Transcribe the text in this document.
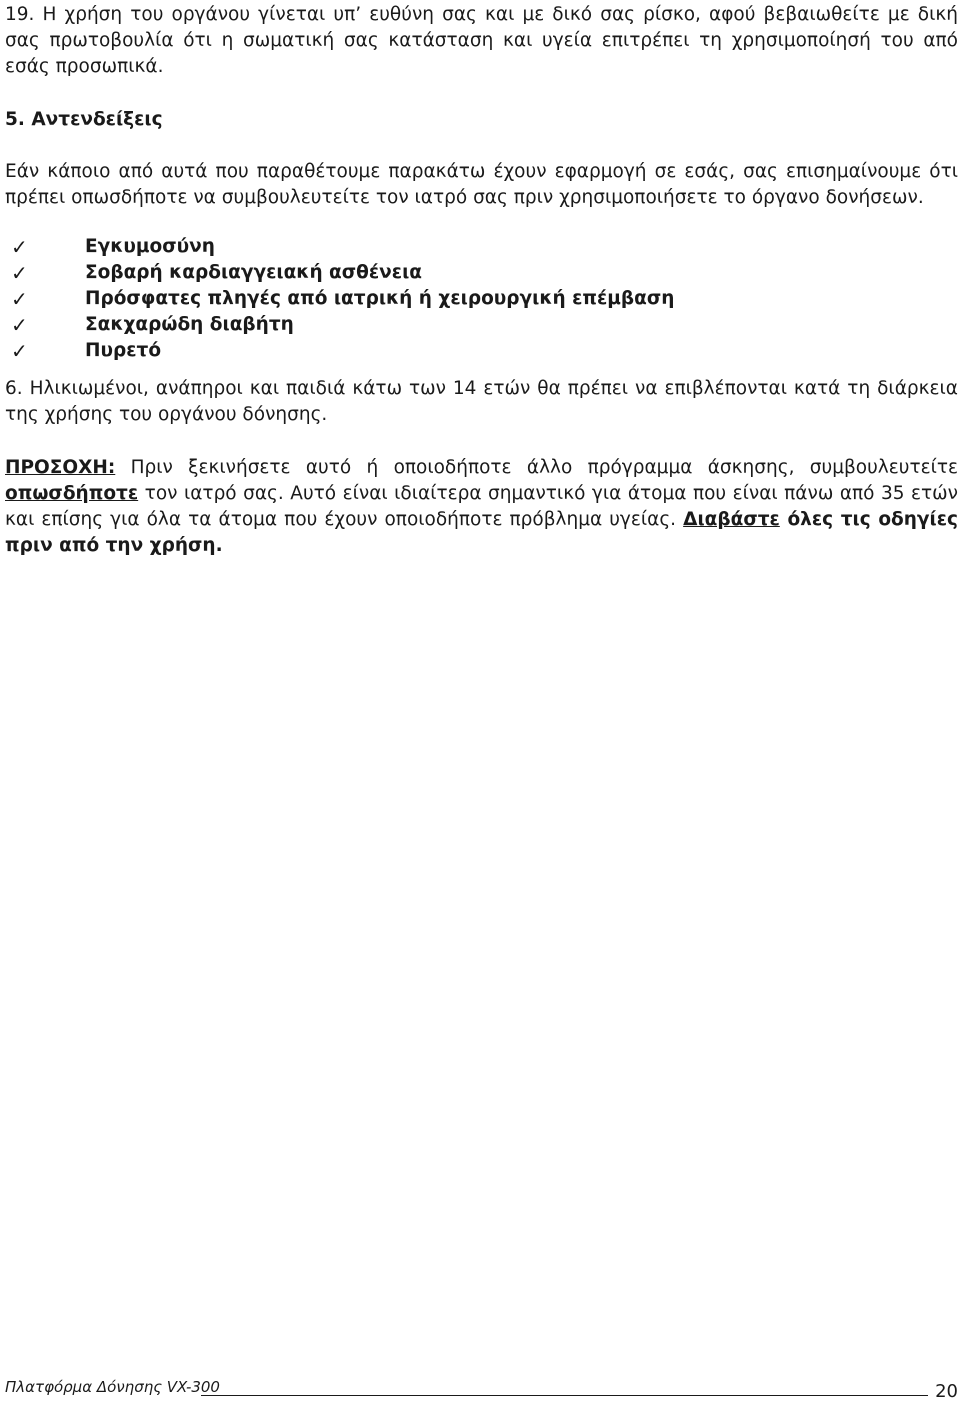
19. Η χρήση του οργάνου γίνεται υπ’ ευθύνη σας και με δικό σας ρίσκο, αφού βεβαιωθείτε με δική σας πρωτοβουλία ότι η σωματική σας κατάσταση και υγεία επιτρέπει τη χρησιμοποίησή του από εσάς προσωπικά.

5. Αντενδείξεις

Εάν κάποιο από αυτά που παραθέτουμε παρακάτω έχουν εφαρμογή σε εσάς, σας επισημαίνουμε ότι πρέπει οπωσδήποτε να συμβουλευτείτε τον ιατρό σας πριν χρησιμοποιήσετε το όργανο δονήσεων.

✓	Εγκυμοσύνη
✓	Σοβαρή καρδιαγγειακή ασθένεια
✓	Πρόσφατες πληγές από ιατρική ή χειρουργική επέμβαση
✓	Σακχαρώδη διαβήτη
✓	Πυρετό

6. Ηλικιωμένοι, ανάπηροι και παιδιά κάτω των 14 ετών θα πρέπει να επιβλέπονται κατά τη διάρκεια της χρήσης του οργάνου δόνησης.

ΠΡΟΣΟΧΗ: Πριν ξεκινήσετε αυτό ή οποιοδήποτε άλλο πρόγραμμα άσκησης, συμβουλευτείτε οπωσδήποτε τον ιατρό σας. Αυτό είναι ιδιαίτερα σημαντικό για άτομα που είναι πάνω από 35 ετών και επίσης για όλα τα άτομα που έχουν οποιοδήποτε πρόβλημα υγείας. Διαβάστε όλες τις οδηγίες πριν από την χρήση.

Πλατφόρμα Δόνησης VX-300	20
